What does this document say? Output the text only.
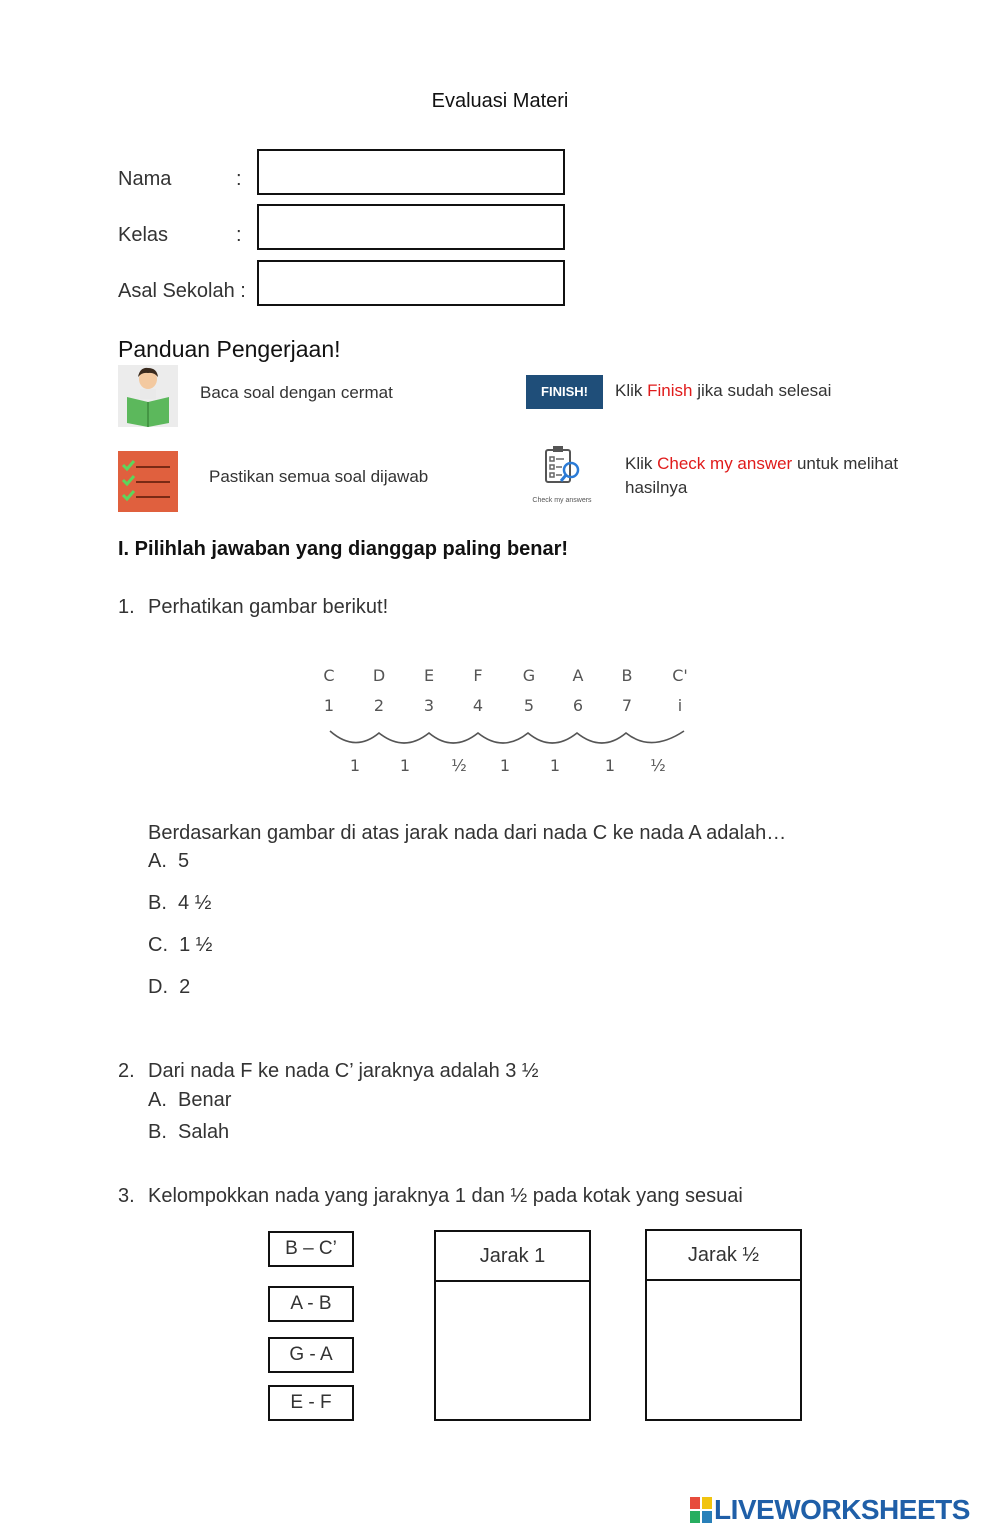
Evaluasi Materi
Nama	:
Kelas	:
Asal Sekolah :
Panduan Pengerjaan!
Baca soal dengan cermat
Pastikan semua soal dijawab
FINISH!	Klik Finish jika sudah selesai
Check my answers
Klik Check my answer untuk melihat
hasilnya
I. Pilihlah jawaban yang dianggap paling benar!
1. Perhatikan gambar berikut!
C D E F	G A B C'
1 2 3 4	5 6 7	i
1 1	½ 1 1	1 ½
Berdasarkan gambar di atas jarak nada dari nada C ke nada A adalah…
A. 5
B. 4 ½
C. 1 ½
D. 2
2. Dari nada F ke nada C’ jaraknya adalah 3 ½
A. Benar
B. Salah
3. Kelompokkan nada yang jaraknya 1 dan ½ pada kotak yang sesuai
B – C’
A - B
G - A
E - F
Jarak 1	Jarak ½
LIVEWORKSHEETS
